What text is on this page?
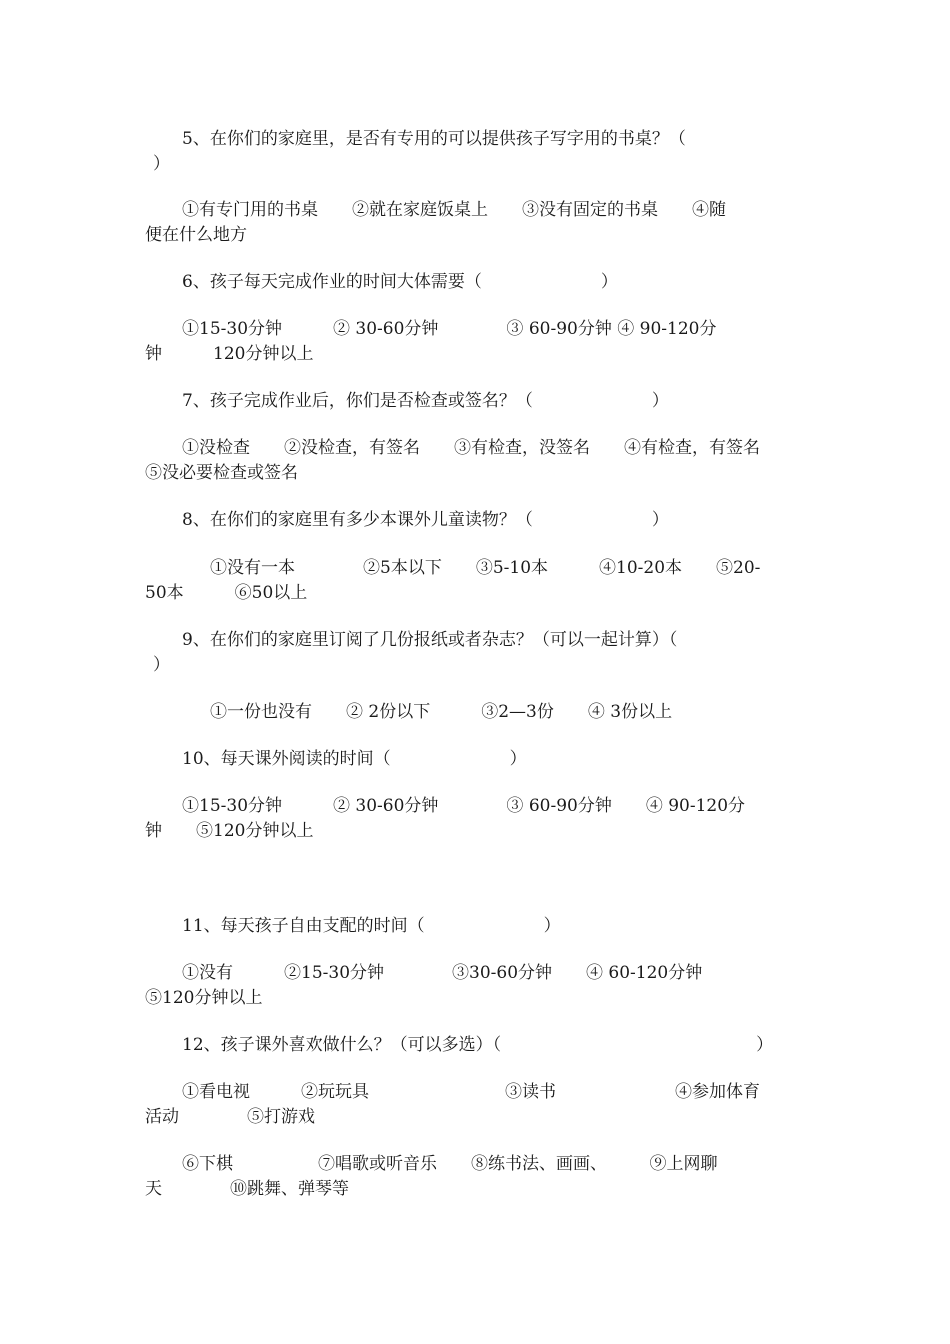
5、在你们的家庭里，是否有专用的可以提供孩子写字用的书桌？（
）
①有专门用的书桌　　②就在家庭饭桌上　　③没有固定的书桌　　④随
便在什么地方
6、孩子每天完成作业的时间大体需要（　　　　　　　）
①15-30分钟　　　② 30-60分钟　　　　③ 60-90分钟 ④ 90-120分
钟　　　120分钟以上
7、孩子完成作业后，你们是否检查或签名？（　　　　　　　）
①没检查　　②没检查，有签名　　③有检查，没签名　　④有检查，有签名
⑤没必要检查或签名
8、在你们的家庭里有多少本课外儿童读物？（　　　　　　　）
①没有一本　　　　②5本以下　　③5-10本　　　④10-20本　　⑤20-
50本　　　⑥50以上
9、在你们的家庭里订阅了几份报纸或者杂志？（可以一起计算）（
）
①一份也没有　　② 2份以下　　　③2—3份　　④ 3份以上
10、每天课外阅读的时间（　　　　　　　）
①15-30分钟　　　② 30-60分钟　　　　③ 60-90分钟　　④ 90-120分
钟　　⑤120分钟以上
11、每天孩子自由支配的时间（　　　　　　　）
①没有　　　②15-30分钟　　　　③30-60分钟　　④ 60-120分钟
⑤120分钟以上
12、孩子课外喜欢做什么？（可以多选）（　　　　　　　　　　　　　　　）
①看电视　　　②玩玩具　　　　　　　　③读书　　　　　　　④参加体育
活动　　　　⑤打游戏
⑥下棋　　　　　⑦唱歌或听音乐　　⑧练书法、画画、　　　⑨上网聊
天　　　　⑩跳舞、弹琴等
